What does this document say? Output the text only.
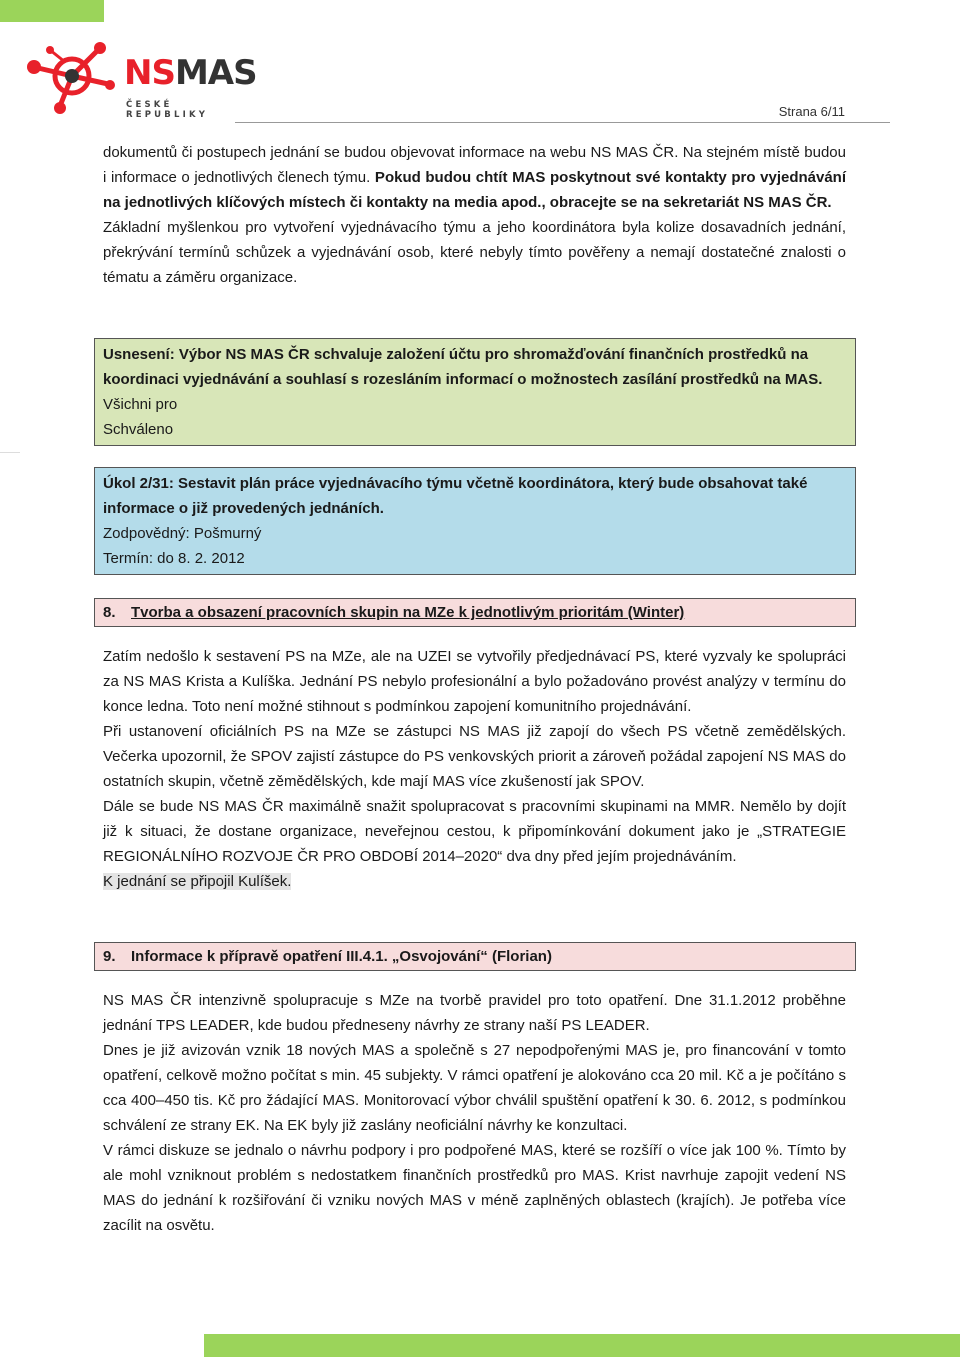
NSMAS
ČESKÉ REPUBLIKY	Strana 6/11

dokumentů či postupech jednání se budou objevovat informace na webu NS MAS ČR. Na stejném místě budou i informace o jednotlivých členech týmu. Pokud budou chtít MAS poskytnout své kontakty pro vyjednávání na jednotlivých klíčových místech či kontakty na media apod., obracejte se na sekretariát NS MAS ČR.

Základní myšlenkou pro vytvoření vyjednávacího týmu a jeho koordinátora byla kolize dosavadních jednání, překrývání termínů schůzek a vyjednávání osob, které nebyly tímto pověřeny a nemají dostatečné znalosti o tématu a záměru organizace.

Usnesení: Výbor NS MAS ČR schvaluje založení účtu pro shromažďování finančních prostředků na koordinaci vyjednávání a souhlasí s rozesláním informací o možnostech zasílání prostředků na MAS.

Všichni pro

Schváleno

Úkol 2/31: Sestavit plán práce vyjednávacího týmu včetně koordinátora, který bude obsahovat také informace o již provedených jednáních.

Zodpovědný: Pošmurný

Termín: do 8. 2. 2012

8. Tvorba a obsazení pracovních skupin na MZe k jednotlivým prioritám (Winter)

Zatím nedošlo k sestavení PS na MZe, ale na UZEI se vytvořily předjednávací PS, které vyzvaly ke spolupráci za NS MAS Krista a Kulíška. Jednání PS nebylo profesionální a bylo požadováno provést analýzy v termínu do konce ledna. Toto není možné stihnout s podmínkou zapojení komunitního projednávání.

Při ustanovení oficiálních PS na MZe se zástupci NS MAS již zapojí do všech PS včetně zemědělských. Večerka upozornil, že SPOV zajistí zástupce do PS venkovských priorit a zároveň požádal zapojení NS MAS do ostatních skupin, včetně zěmědělských, kde mají MAS více zkušeností jak SPOV.

Dále se bude NS MAS ČR maximálně snažit spolupracovat s pracovními skupinami na MMR. Nemělo by dojít již k situaci, že dostane organizace, neveřejnou cestou, k připomínkování dokument jako je „STRATEGIE REGIONÁLNÍHO ROZVOJE ČR PRO OBDOBÍ 2014–2020“ dva dny před jejím projednáváním.

K jednání se připojil Kulíšek.

9. Informace k přípravě opatření III.4.1. „Osvojování“ (Florian)

NS MAS ČR intenzivně spolupracuje s MZe na tvorbě pravidel pro toto opatření. Dne 31.1.2012 proběhne jednání TPS LEADER, kde budou předneseny návrhy ze strany naší PS LEADER.

Dnes je již avizován vznik 18 nových MAS a společně s 27 nepodpořenými MAS je, pro financování v tomto opatření, celkově možno počítat s min. 45 subjekty. V rámci opatření je alokováno cca 20 mil. Kč a je počítáno s cca 400–450 tis. Kč pro žádající MAS. Monitorovací výbor chválil spuštění opatření k 30. 6. 2012, s podmínkou schválení ze strany EK. Na EK byly již zaslány neoficiální návrhy ke konzultaci.

V rámci diskuze se jednalo o návrhu podpory i pro podpořené MAS, které se rozšíří o více jak 100 %. Tímto by ale mohl vzniknout problém s nedostatkem finančních prostředků pro MAS. Krist navrhuje zapojit vedení NS MAS do jednání k rozšiřování či vzniku nových MAS v méně zaplněných oblastech (krajích). Je potřeba více zacílit na osvětu.
